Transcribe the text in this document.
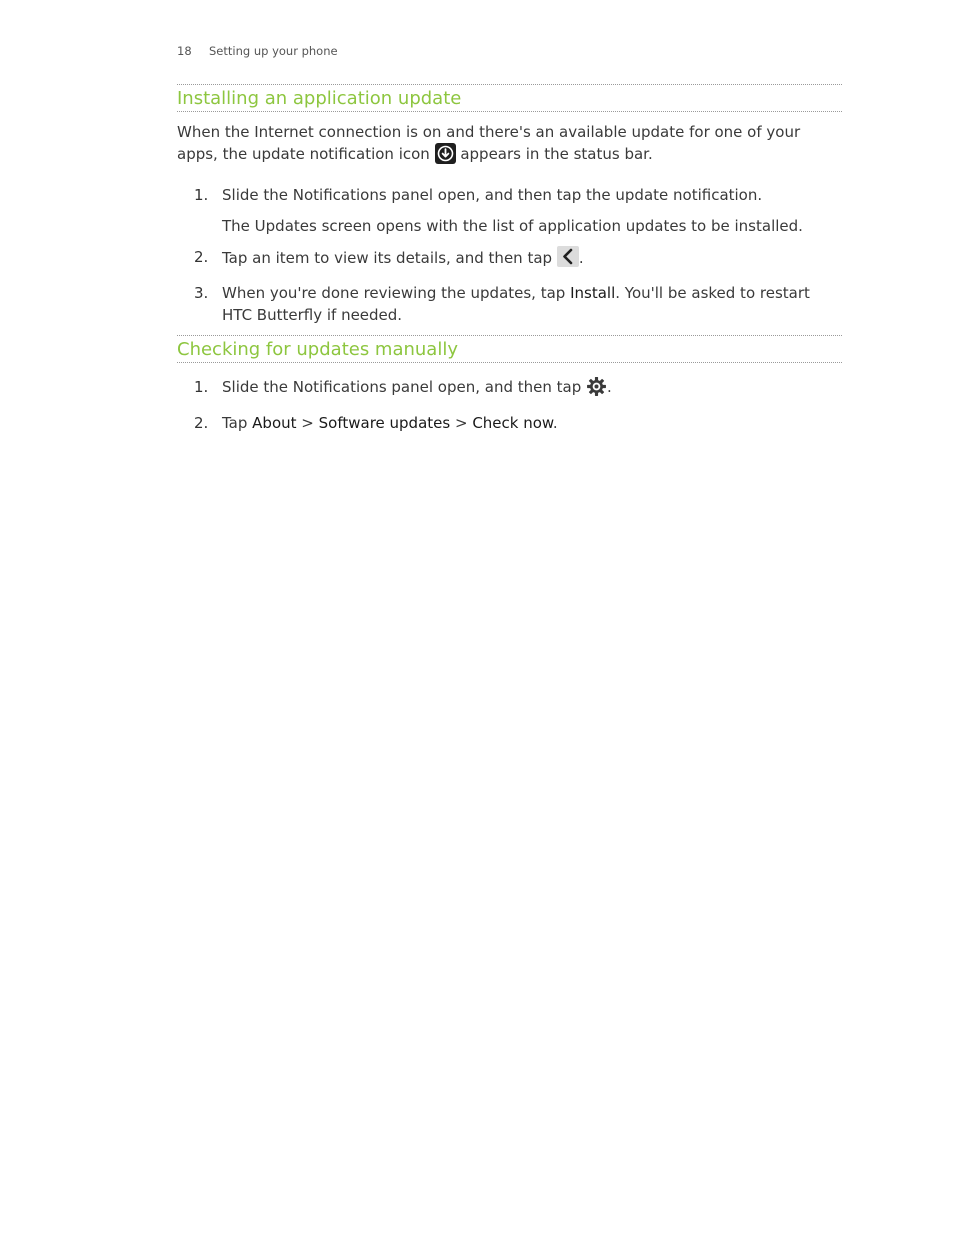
18 Setting up your phone
Installing an application update

When the Internet connection is on and there's an available update for one of your apps, the update notification icon  appears in the status bar.

1. Slide the Notifications panel open, and then tap the update notification.
The Updates screen opens with the list of application updates to be installed.
2. Tap an item to view its details, and then tap .
3. When you're done reviewing the updates, tap Install. You'll be asked to restart HTC Butterfly if needed.
Checking for updates manually
1. Slide the Notifications panel open, and then tap .
2. Tap About > Software updates > Check now.
